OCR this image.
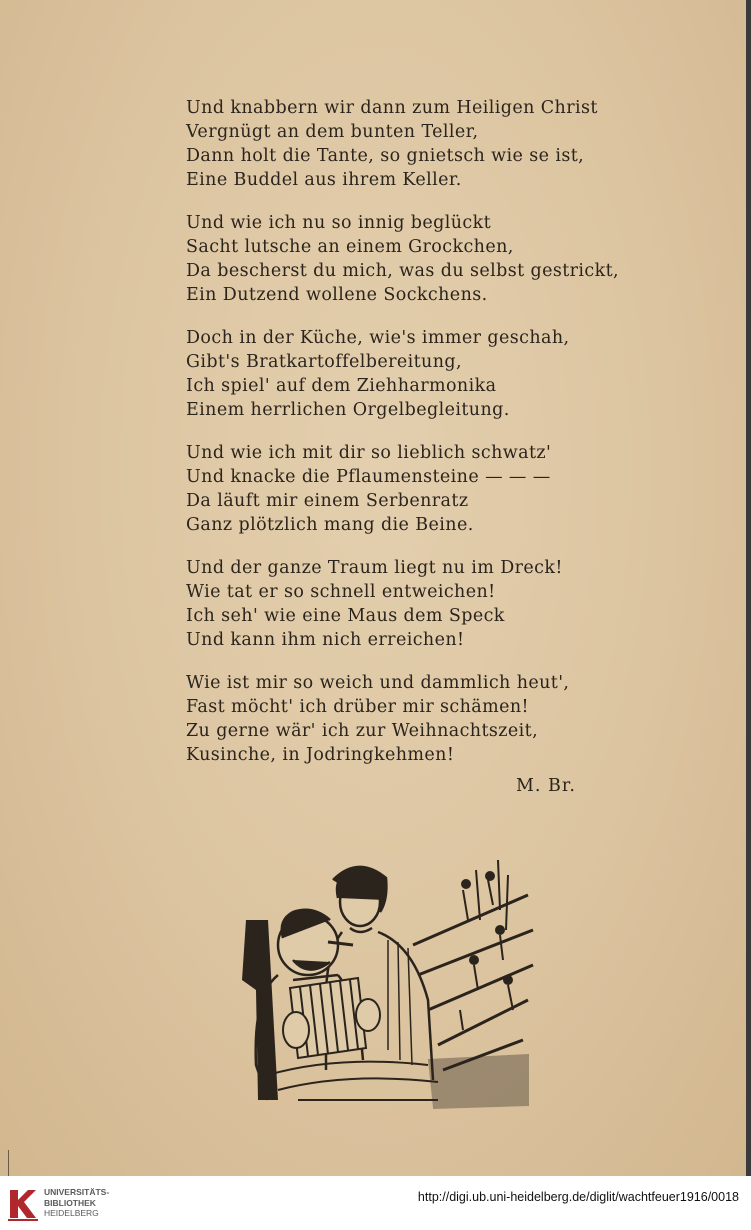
Und knabbern wir dann zum Heiligen Christ
Vergnügt an dem bunten Teller,
Dann holt die Tante, so gnietsch wie se ist,
Eine Buddel aus ihrem Keller.
Und wie ich nu so innig beglückt
Sacht lutsche an einem Grockchen,
Da bescherst du mich, was du selbst gestrickt,
Ein Dutzend wollene Sockchens.
Doch in der Küche, wie's immer geschah,
Gibt's Bratkartoffelbereitung,
Ich spiel' auf dem Ziehharmonika
Einem herrlichen Orgelbegleitung.
Und wie ich mit dir so lieblich schwatz'
Und knacke die Pflaumensteine — — —
Da läuft mir einem Serbenratz
Ganz plötzlich mang die Beine.
Und der ganze Traum liegt nu im Dreck!
Wie tat er so schnell entweichen!
Ich seh' wie eine Maus dem Speck
Und kann ihm nich erreichen!
Wie ist mir so weich und dammlich heut',
Fast möcht' ich drüber mir schämen!
Zu gerne wär' ich zur Weihnachtszeit,
Kusinche, in Jodringkehmen!
M. Br.
UNIVERSITÄTS-
BIBLIOTHEK
HEIDELBERG
http://digi.ub.uni-heidelberg.de/diglit/wachtfeuer1916/0018
